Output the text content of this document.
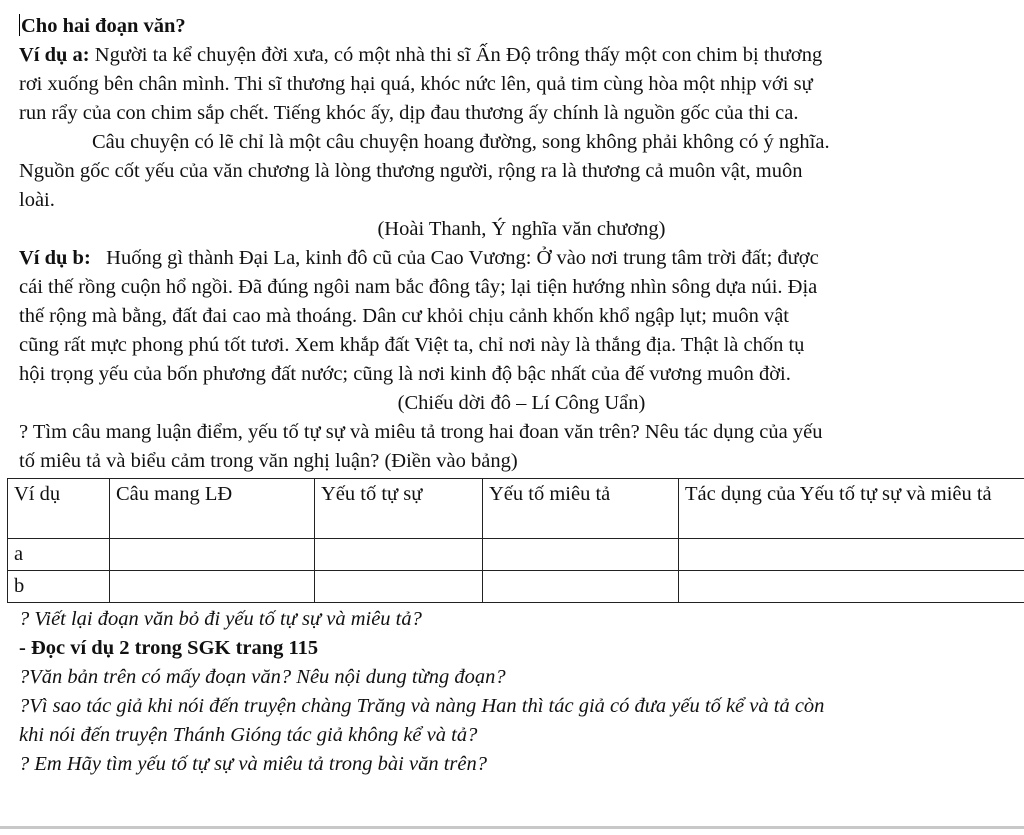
Cho hai đoạn văn?
Ví dụ a: Người ta kể chuyện đời xưa, có một nhà thi sĩ Ấn Độ trông thấy một con chim bị thương
rơi xuống bên chân mình. Thi sĩ thương hại quá, khóc nức lên, quả tim cùng hòa một nhịp với sự
run rẩy của con chim sắp chết. Tiếng khóc ấy, dịp đau thương ấy chính là nguồn gốc của thi ca.
Câu chuyện có lẽ chỉ là một câu chuyện hoang đường, song không phải không có ý nghĩa.
Nguồn gốc cốt yếu của văn chương là lòng thương người, rộng ra là thương cả muôn vật, muôn
loài.
(Hoài Thanh, Ý nghĩa văn chương)
Ví dụ b:   Huống gì thành Đại La, kinh đô cũ của Cao Vương: Ở vào nơi trung tâm trời đất; được
cái thế rồng cuộn hổ ngồi. Đã đúng ngôi nam bắc đông tây; lại tiện hướng nhìn sông dựa núi. Địa
thế rộng mà bằng, đất đai cao mà thoáng. Dân cư khỏi chịu cảnh khốn khổ ngập lụt; muôn vật
cũng rất mực phong phú tốt tươi. Xem khắp đất Việt ta, chỉ nơi này là thắng địa. Thật là chốn tụ
hội trọng yếu của bốn phương đất nước; cũng là nơi kinh độ bậc nhất của đế vương muôn đời.
(Chiếu dời đô – Lí Công Uẩn)
? Tìm câu mang luận điểm, yếu tố tự sự và miêu tả trong hai đoan văn trên? Nêu tác dụng của yếu
tố miêu tả và biểu cảm trong văn nghị luận? (Điền vào bảng)
Ví dụ	Câu mang LĐ	Yếu tố tự sự	Yếu tố miêu tả	Tác dụng của Yếu tố tự sự và miêu tả
a				
b				
? Viết lại đoạn văn bỏ đi yếu tố tự sự và miêu tả?
- Đọc ví dụ 2 trong SGK trang 115
?Văn bản trên có mấy đoạn văn? Nêu nội dung từng đoạn?
?Vì sao tác giả khi nói đến truyện chàng Trăng và nàng Han thì tác giả có đưa yếu tố kể và tả còn
khi nói đến truyện Thánh Gióng tác giả không kể và tả?
? Em Hãy tìm yếu tố tự sự và miêu tả trong bài văn trên?
